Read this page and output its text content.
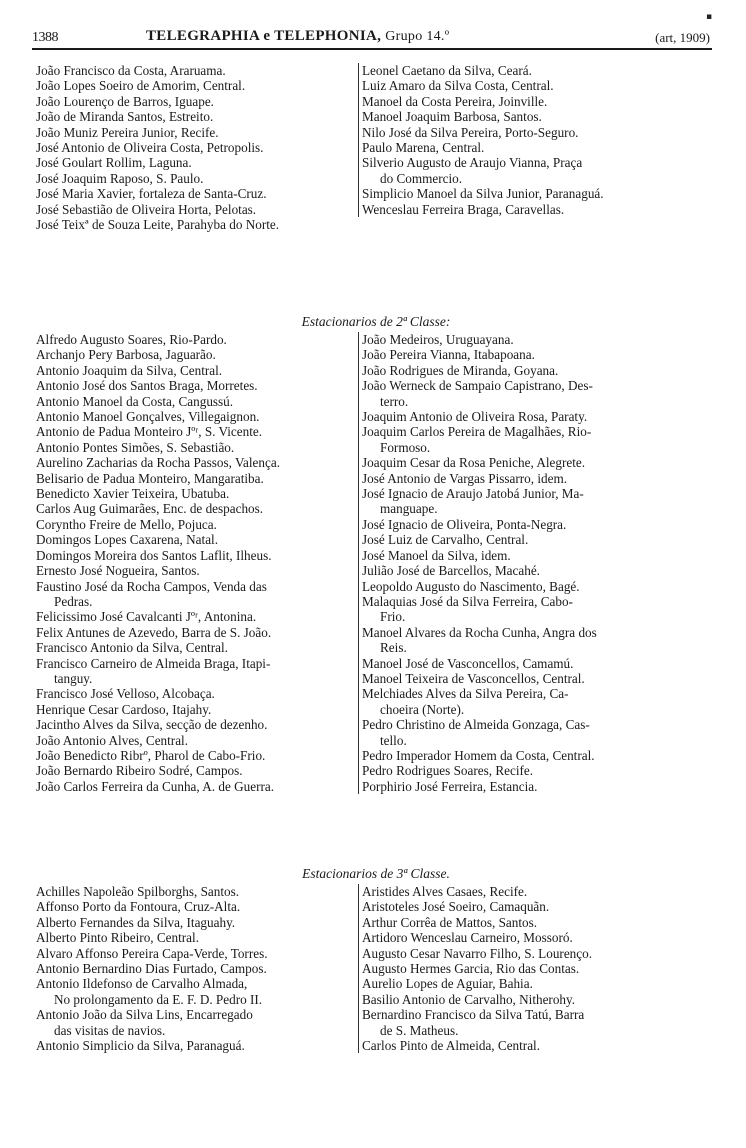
▪
1388	TELEGRAPHIA e TELEPHONIA, Grupo 14.º	(art, 1909)
João Francisco da Costa, Araruama.
João Lopes Soeiro de Amorim, Central.
João Lourenço de Barros, Iguape.
João de Miranda Santos, Estreito.
João Muniz Pereira Junior, Recife.
José Antonio de Oliveira Costa, Petropolis.
José Goulart Rollim, Laguna.
José Joaquim Raposo, S. Paulo.
José Maria Xavier, fortaleza de Santa-Cruz.
José Sebastião de Oliveira Horta, Pelotas.
José Teixª de Souza Leite, Parahyba do Norte.
Leonel Caetano da Silva, Ceará.
Luiz Amaro da Silva Costa, Central.
Manoel da Costa Pereira, Joinville.
Manoel Joaquim Barbosa, Santos.
Nilo José da Silva Pereira, Porto-Seguro.
Paulo Marena, Central.
Silverio Augusto de Araujo Vianna, Praça
do Commercio.
Simplicio Manoel da Silva Junior, Paranaguá.
Wenceslau Ferreira Braga, Caravellas.
Estacionarios de 2ª Classe:
Alfredo Augusto Soares, Rio-Pardo.
Archanjo Pery Barbosa, Jaguarão.
Antonio Joaquim da Silva, Central.
Antonio José dos Santos Braga, Morretes.
Antonio Manoel da Costa, Cangussú.
Antonio Manoel Gonçalves, Villegaignon.
Antonio de Padua Monteiro Jºʳ, S. Vicente.
Antonio Pontes Simões, S. Sebastião.
Aurelino Zacharias da Rocha Passos, Valença.
Belisario de Padua Monteiro, Mangaratiba.
Benedicto Xavier Teixeira, Ubatuba.
Carlos Aug Guimarães, Enc. de despachos.
Corynthо Freire de Mello, Pojuca.
Domingos Lopes Caxarena, Natal.
Domingos Moreira dos Santos Laflit, Ilheus.
Ernesto José Nogueira, Santos.
Faustino José da Rocha Campos, Venda das
Pedras.
Felicissimo José Cavalcanti Jºʳ, Antonina.
Felix Antunes de Azevedo, Barra de S. João.
Francisco Antonio da Silva, Central.
Francisco Carneiro de Almeida Braga, Itapi-
tanguy.
Francisco José Velloso, Alcobaça.
Henrique Cesar Cardoso, Itajahy.
Jacintho Alves da Silva, secção de dezenho.
João Antonio Alves, Central.
João Benedicto Ribrº, Pharol de Cabo-Frio.
João Bernardo Ribeiro Sodré, Campos.
João Carlos Ferreira da Cunha, A. de Guerra.
João Medeiros, Uruguayana.
João Pereira Vianna, Itabapoana.
João Rodrigues de Miranda, Goyana.
João Werneck de Sampaio Capistrano, Des-
terro.
Joaquim Antonio de Oliveira Rosa, Paraty.
Joaquim Carlos Pereira de Magalhães, Rio-
Formoso.
Joaquim Cesar da Rosa Peniche, Alegrete.
José Antonio de Vargas Pissarro, idem.
José Ignacio de Araujo Jatobá Junior, Ma-
manguape.
José Ignacio de Oliveira, Ponta-Negra.
José Luiz de Carvalho, Central.
José Manoel da Silva, idem.
Julião José de Barcellos, Macahé.
Leopoldo Augusto do Nascimento, Bagé.
Malaquias José da Silva Ferreira, Cabo-
Frio.
Manoel Alvares da Rocha Cunha, Angra dos
Reis.
Manoel José de Vasconcellos, Camamú.
Manoel Teixeira de Vasconcellos, Central.
Melchiades Alves da Silva Pereira, Ca-
choeira (Norte).
Pedro Christino de Almeida Gonzaga, Cas-
tello.
Pedro Imperador Homem da Costa, Central.
Pedro Rodrigues Soares, Recife.
Porphirio José Ferreira, Estancia.
Estacionarios de 3ª Classe.
Achilles Napoleão Spilborghs, Santos.
Affonso Porto da Fontoura, Cruz-Alta.
Alberto Fernandes da Silva, Itaguahy.
Alberto Pinto Ribeiro, Central.
Alvaro Affonso Pereira Capa-Verde, Torres.
Antonio Bernardino Dias Furtado, Campos.
Antonio Ildefonso de Carvalho Almada,
No prolongamento da E. F. D. Pedro II.
Antonio João da Silva Lins, Encarregado
das visitas de navios.
Antonio Simplicio da Silva, Paranaguá.
Aristides Alves Casaes, Recife.
Aristoteles José Soeiro, Camaquãn.
Arthur Corrêa de Mattos, Santos.
Artidoro Wenceslau Carneiro, Mossoró.
Augusto Cesar Navarro Filho, S. Lourenço.
Augusto Hermes Garcia, Rio das Contas.
Aurelio Lopes de Aguiar, Bahia.
Basilio Antonio de Carvalho, Nitherohy.
Bernardino Francisco da Silva Tatú, Barra
de S. Matheus.
Carlos Pinto de Almeida, Central.
